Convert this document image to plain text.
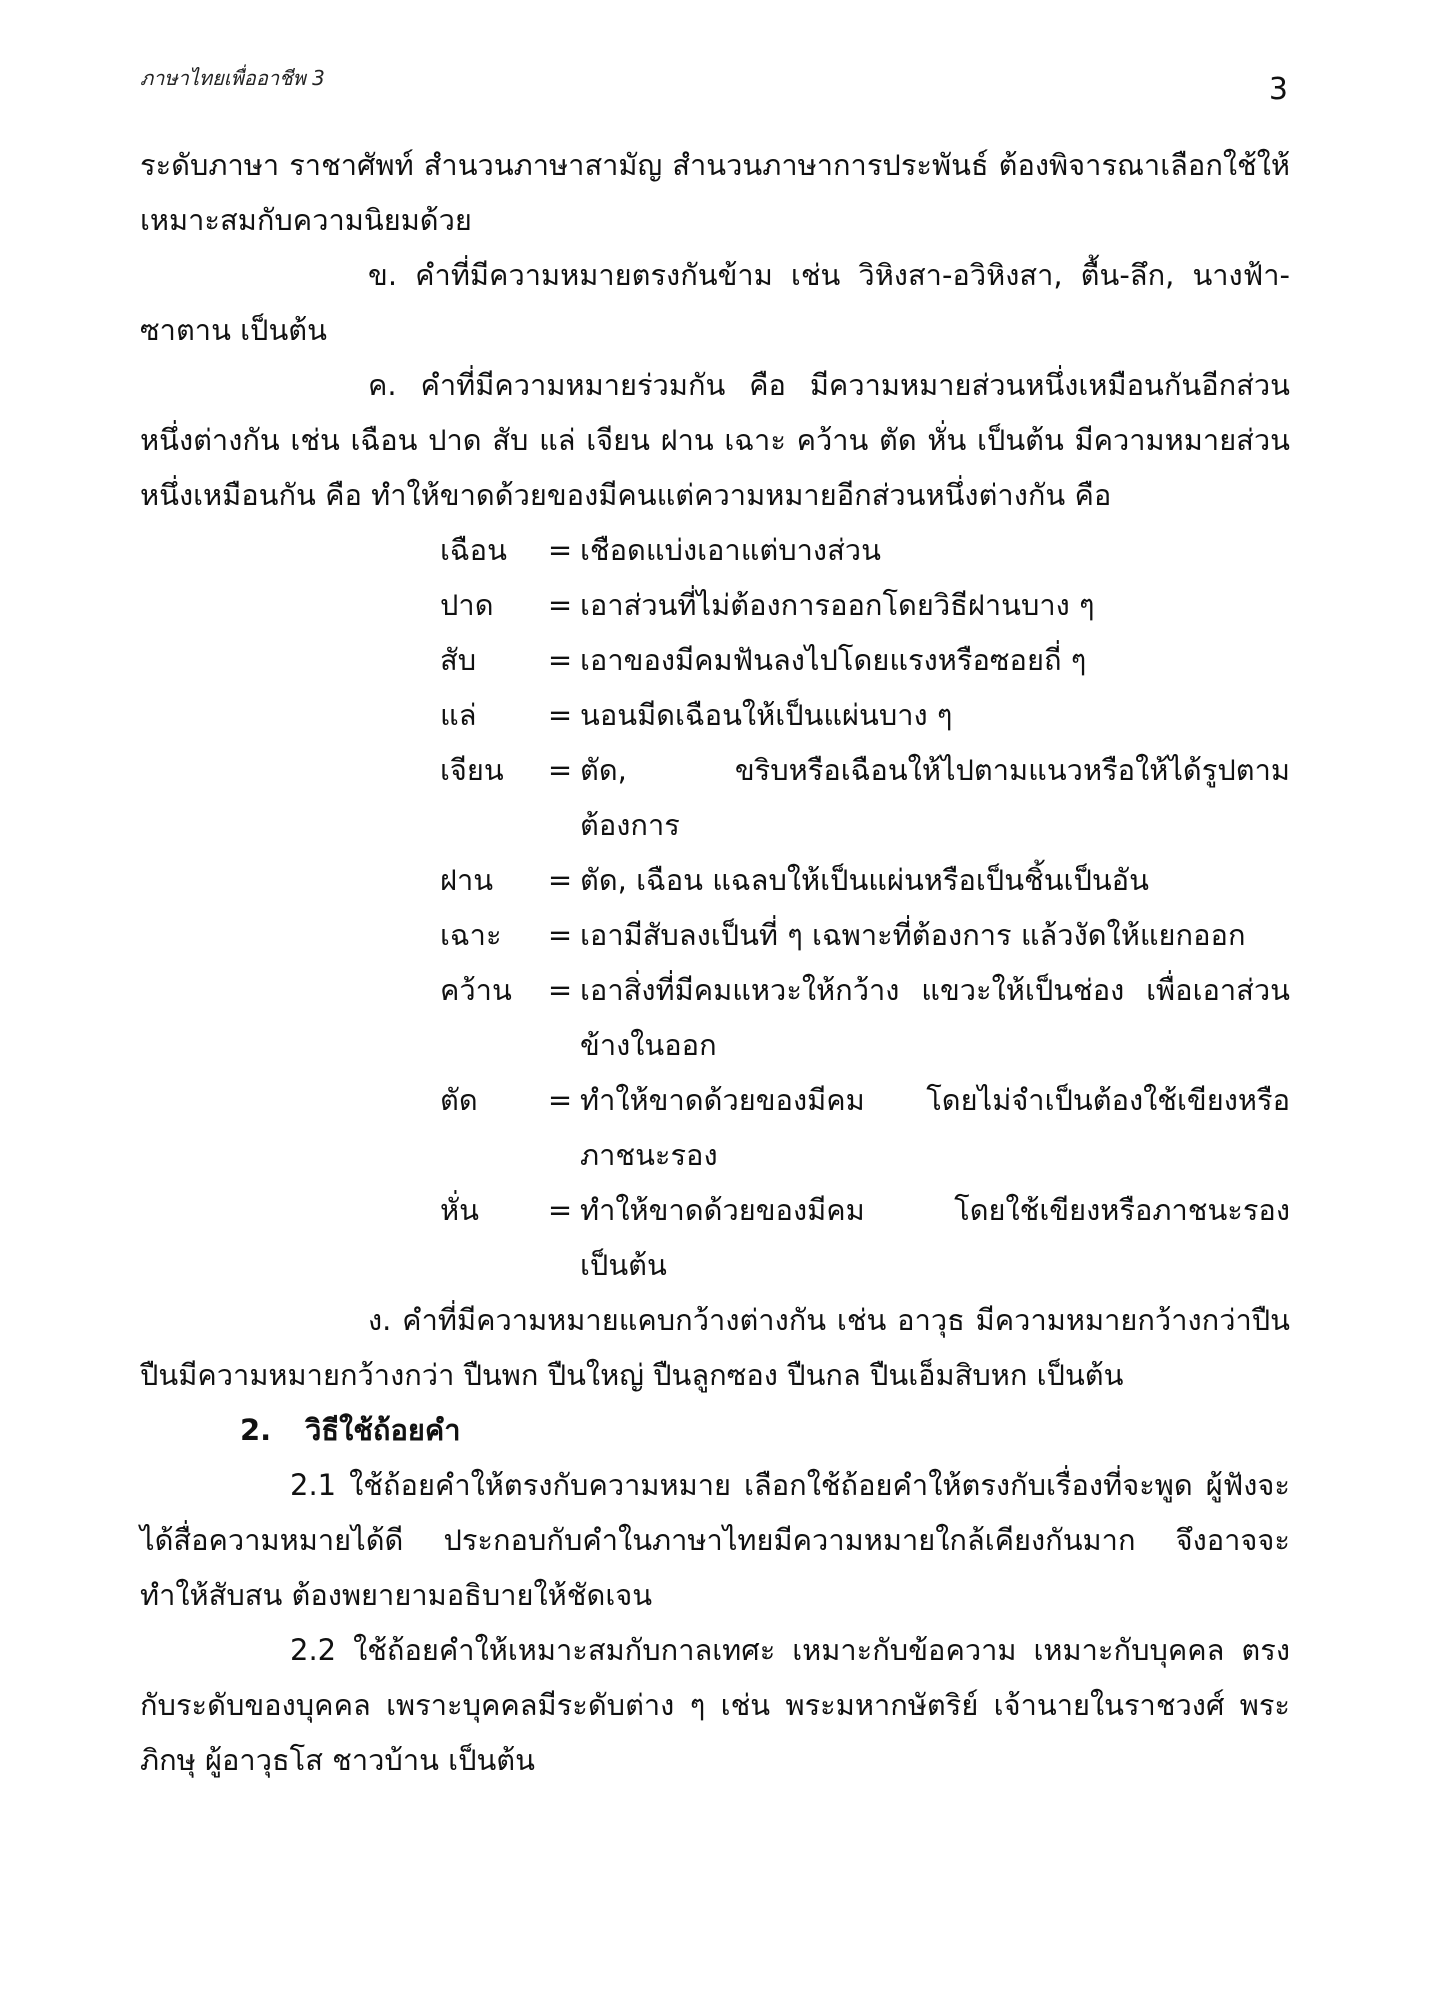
ภาษาไทยเพื่ออาชีพ 3	3

ระดับภาษา ราชาศัพท์ สำนวนภาษาสามัญ สำนวนภาษาการประพันธ์ ต้องพิจารณาเลือกใช้ให้เหมาะสมกับความนิยมด้วย

ข. คำที่มีความหมายตรงกันข้าม เช่น วิหิงสา-อวิหิงสา, ตื้น-ลึก, นางฟ้า-ซาตาน เป็นต้น

ค. คำที่มีความหมายร่วมกัน คือ มีความหมายส่วนหนึ่งเหมือนกันอีกส่วนหนึ่งต่างกัน เช่น เฉือน ปาด สับ แล่ เจียน ฝาน เฉาะ คว้าน ตัด หั่น เป็นต้น มีความหมายส่วนหนึ่งเหมือนกัน คือ ทำให้ขาดด้วยของมีคนแต่ความหมายอีกส่วนหนึ่งต่างกัน คือ

เฉือน	= เชือดแบ่งเอาแต่บางส่วน
ปาด	= เอาส่วนที่ไม่ต้องการออกโดยวิธีฝานบาง ๆ
สับ	= เอาของมีคมฟันลงไปโดยแรงหรือซอยถี่ ๆ
แล่	= นอนมีดเฉือนให้เป็นแผ่นบาง ๆ
เจียน	= ตัด, ขริบหรือเฉือนให้ไปตามแนวหรือให้ได้รูปตามต้องการ
ฝาน	= ตัด, เฉือน แฉลบให้เป็นแผ่นหรือเป็นชิ้นเป็นอัน
เฉาะ	= เอามีสับลงเป็นที่ ๆ เฉพาะที่ต้องการ แล้วงัดให้แยกออก
คว้าน	= เอาสิ่งที่มีคมแหวะให้กว้าง แขวะให้เป็นช่อง เพื่อเอาส่วนข้างในออก
ตัด	= ทำให้ขาดด้วยของมีคม โดยไม่จำเป็นต้องใช้เขียงหรือภาชนะรอง
หั่น	= ทำให้ขาดด้วยของมีคม โดยใช้เขียงหรือภาชนะรองเป็นต้น

ง. คำที่มีความหมายแคบกว้างต่างกัน เช่น อาวุธ มีความหมายกว้างกว่าปืน ปืนมีความหมายกว้างกว่า ปืนพก ปืนใหญ่ ปืนลูกซอง ปืนกล ปืนเอ็มสิบหก เป็นต้น

2. วิธีใช้ถ้อยคำ

2.1 ใช้ถ้อยคำให้ตรงกับความหมาย เลือกใช้ถ้อยคำให้ตรงกับเรื่องที่จะพูด ผู้ฟังจะได้สื่อความหมายได้ดี ประกอบกับคำในภาษาไทยมีความหมายใกล้เคียงกันมาก จึงอาจจะทำให้สับสน ต้องพยายามอธิบายให้ชัดเจน

2.2 ใช้ถ้อยคำให้เหมาะสมกับกาลเทศะ เหมาะกับข้อความ เหมาะกับบุคคล ตรงกับระดับของบุคคล เพราะบุคคลมีระดับต่าง ๆ เช่น พระมหากษัตริย์ เจ้านายในราชวงศ์ พระภิกษุ ผู้อาวุธโส ชาวบ้าน เป็นต้น
